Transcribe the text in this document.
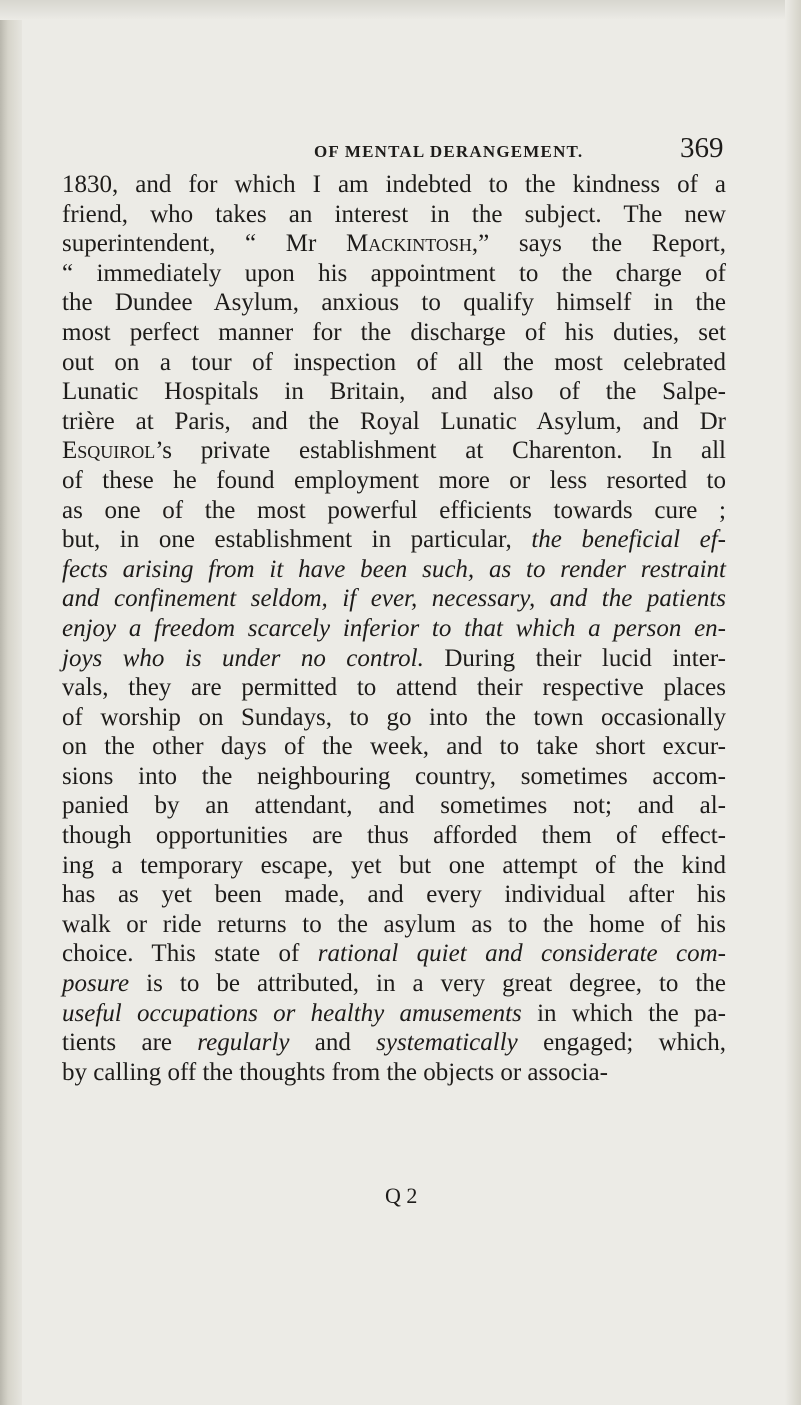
OF MENTAL DERANGEMENT.	369
1830, and for which I am indebted to the kindness of a
friend, who takes an interest in the subject. The new
superintendent, “ Mr Mackintosh,” says the Report,
“ immediately upon his appointment to the charge of
the Dundee Asylum, anxious to qualify himself in the
most perfect manner for the discharge of his duties, set
out on a tour of inspection of all the most celebrated
Lunatic Hospitals in Britain, and also of the Salpe-
trière at Paris, and the Royal Lunatic Asylum, and Dr
Esquirol’s private establishment at Charenton. In all
of these he found employment more or less resorted to
as one of the most powerful efficients towards cure ;
but, in one establishment in particular, the beneficial ef-
fects arising from it have been such, as to render restraint
and confinement seldom, if ever, necessary, and the patients
enjoy a freedom scarcely inferior to that which a person en-
joys who is under no control. During their lucid inter-
vals, they are permitted to attend their respective places
of worship on Sundays, to go into the town occasionally
on the other days of the week, and to take short excur-
sions into the neighbouring country, sometimes accom-
panied by an attendant, and sometimes not; and al-
though opportunities are thus afforded them of effect-
ing a temporary escape, yet but one attempt of the kind
has as yet been made, and every individual after his
walk or ride returns to the asylum as to the home of his
choice. This state of rational quiet and considerate com-
posure is to be attributed, in a very great degree, to the
useful occupations or healthy amusements in which the pa-
tients are regularly and systematically engaged; which,
by calling off the thoughts from the objects or associa-
Q 2
